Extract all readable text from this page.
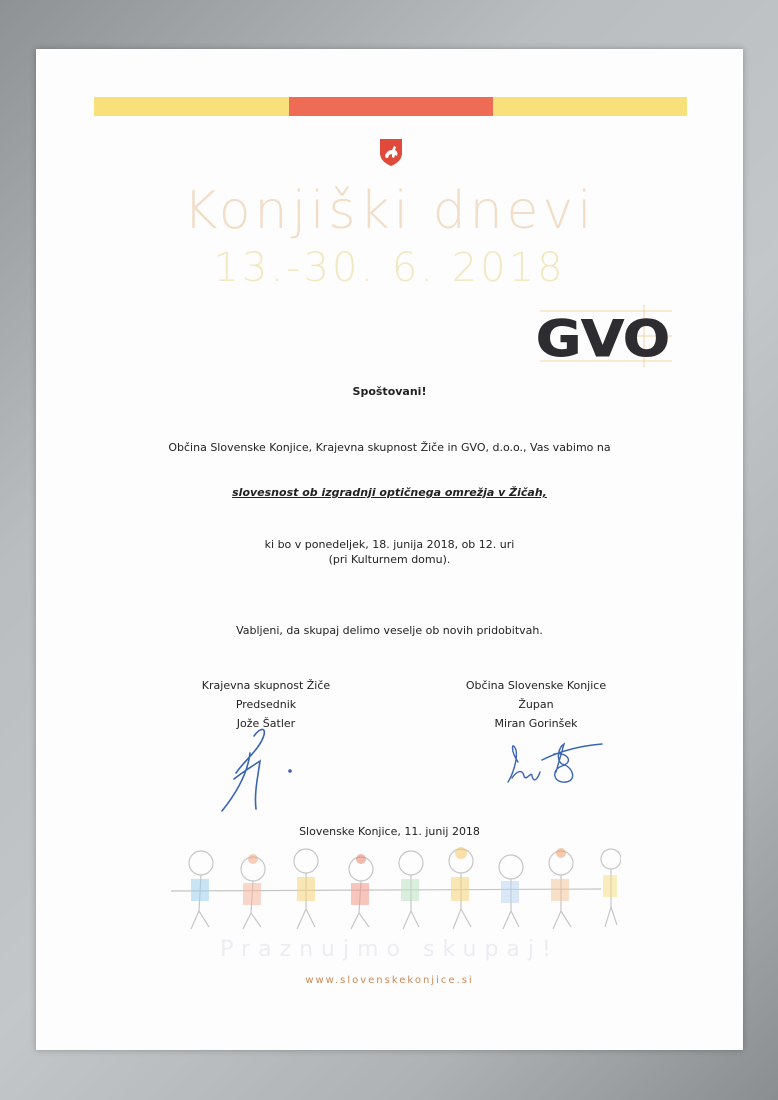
Konjiški dnevi
13.-30. 6. 2018
GVO
Spoštovani!
Občina Slovenske Konjice, Krajevna skupnost Žiče in GVO, d.o.o., Vas vabimo na
slovesnost ob izgradnji optičnega omrežja v Žičah,
ki bo v ponedeljek, 18. junija 2018, ob 12. uri
(pri Kulturnem domu).
Vabljeni, da skupaj delimo veselje ob novih pridobitvah.
Krajevna skupnost Žiče
Predsednik
Jože Šatler
Občina Slovenske Konjice
Župan
Miran Gorinšek
Slovenske Konjice, 11. junij 2018
Praznujmo skupaj!
www.slovenskekonjice.si
